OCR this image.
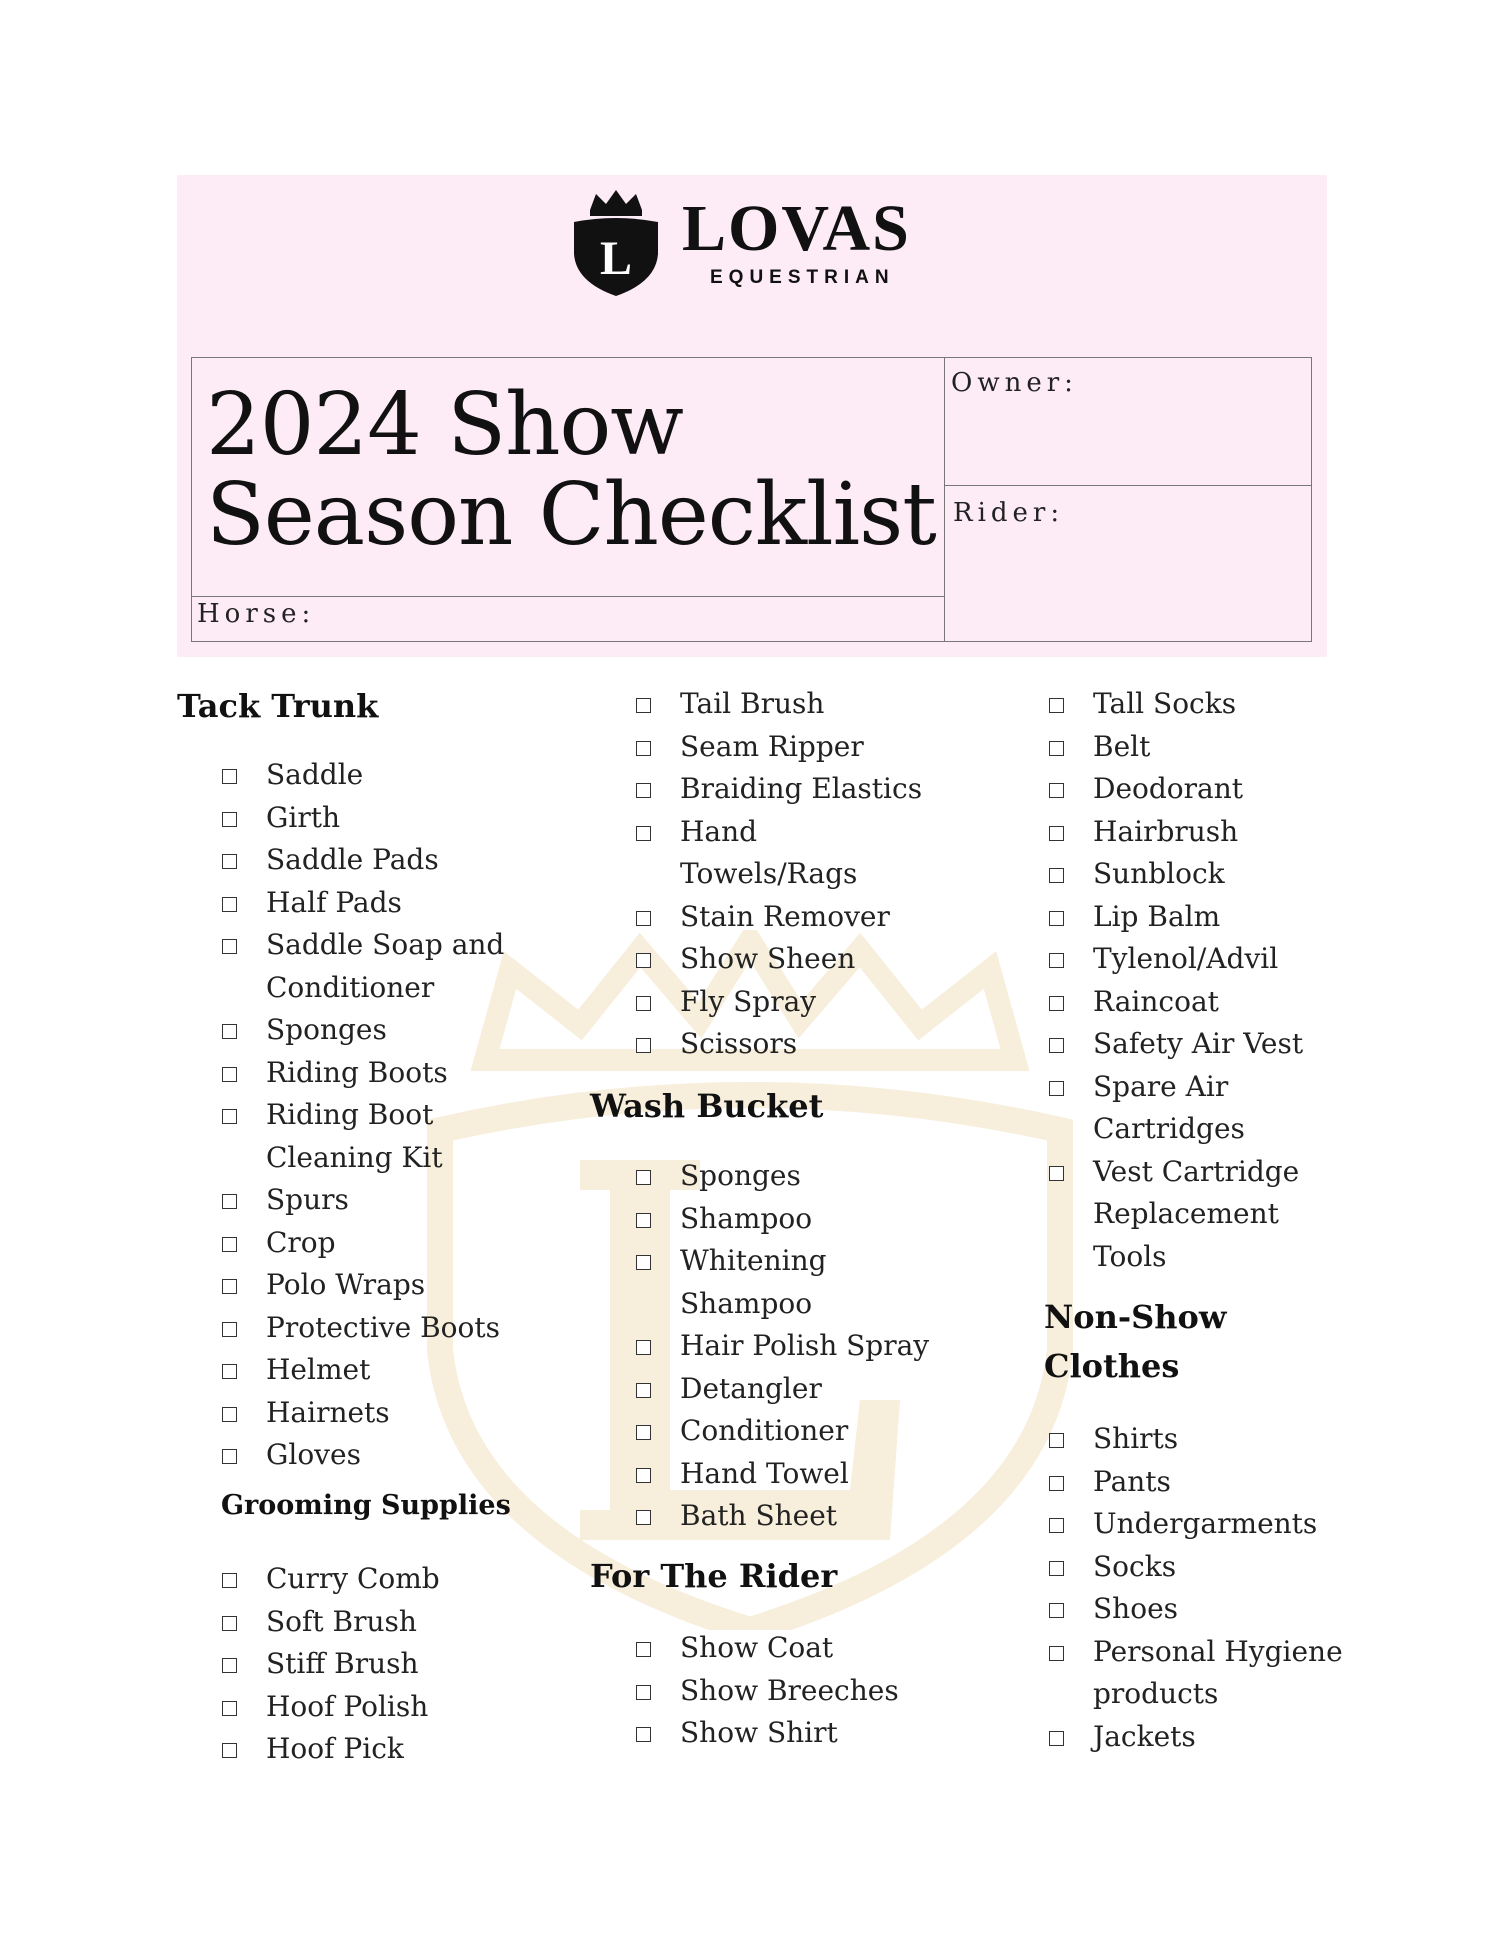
L LOVAS
EQUESTRIAN
2024 Show
Season Checklist
Horse:
Owner:
Rider:
Tack Trunk
Saddle
Girth
Saddle Pads
Half Pads
Saddle Soap and
Conditioner
Sponges
Riding Boots
Riding Boot
Cleaning Kit
Spurs
Crop
Polo Wraps
Protective Boots
Helmet
Hairnets
Gloves
Grooming Supplies
Curry Comb
Soft Brush
Stiff Brush
Hoof Polish
Hoof Pick
Tail Brush
Seam Ripper
Braiding Elastics
Hand
Towels/Rags
Stain Remover
Show Sheen
Fly Spray
Scissors
Wash Bucket
Sponges
Shampoo
Whitening
Shampoo
Hair Polish Spray
Detangler
Conditioner
Hand Towel
Bath Sheet
For The Rider
Show Coat
Show Breeches
Show Shirt
Tall Socks
Belt
Deodorant
Hairbrush
Sunblock
Lip Balm
Tylenol/Advil
Raincoat
Safety Air Vest
Spare Air
Cartridges
Vest Cartridge
Replacement
Tools
Non-Show
Clothes
Shirts
Pants
Undergarments
Socks
Shoes
Personal Hygiene
products
Jackets
